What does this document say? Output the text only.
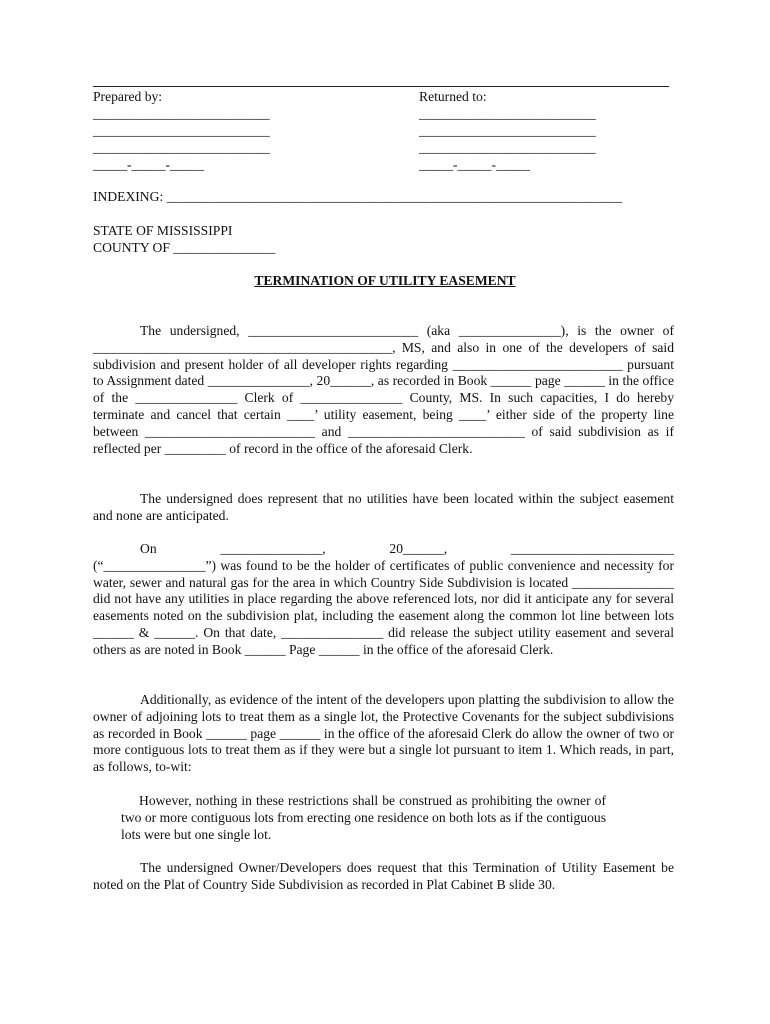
Prepared by:
__________________________
__________________________
__________________________
_____-_____-_____
Returned to:
__________________________
__________________________
__________________________
_____-_____-_____
INDEXING: ___________________________________________________________________
STATE OF MISSISSIPPI
COUNTY OF _______________
TERMINATION OF UTILITY EASEMENT

The undersigned, _________________________ (aka _______________), is the owner of ____________________________________________, MS, and also in one of the developers of said subdivision and present holder of all developer rights regarding _________________________ pursuant to Assignment dated _______________, 20______, as recorded in Book ______ page ______ in the office of the _______________ Clerk of _______________ County, MS. In such capacities, I do hereby terminate and cancel that certain ____’ utility easement, being ____’ either side of the property line between _________________________ and __________________________ of said subdivision as if reflected per _________ of record in the office of the aforesaid Clerk.

The undersigned does represent that no utilities have been located within the subject easement and none are anticipated.

On	_______________,	20______,	________________________

(“_______________”) was found to be the holder of certificates of public convenience and necessity for water, sewer and natural gas for the area in which Country Side Subdivision is located _______________ did not have any utilities in place regarding the above referenced lots, nor did it anticipate any for several easements noted on the subdivision plat, including the easement along the common lot line between lots ______ & ______. On that date, _______________ did release the subject utility easement and several others as are noted in Book ______ Page ______ in the office of the aforesaid Clerk.

Additionally, as evidence of the intent of the developers upon platting the subdivision to allow the owner of adjoining lots to treat them as a single lot, the Protective Covenants for the subject subdivisions as recorded in Book ______ page ______ in the office of the aforesaid Clerk do allow the owner of two or more contiguous lots to treat them as if they were but a single lot pursuant to item 1. Which reads, in part, as follows, to-wit:

However, nothing in these restrictions shall be construed as prohibiting the owner of two or more contiguous lots from erecting one residence on both lots as if the contiguous lots were but one single lot.

The undersigned Owner/Developers does request that this Termination of Utility Easement be noted on the Plat of Country Side Subdivision as recorded in Plat Cabinet B slide 30.
